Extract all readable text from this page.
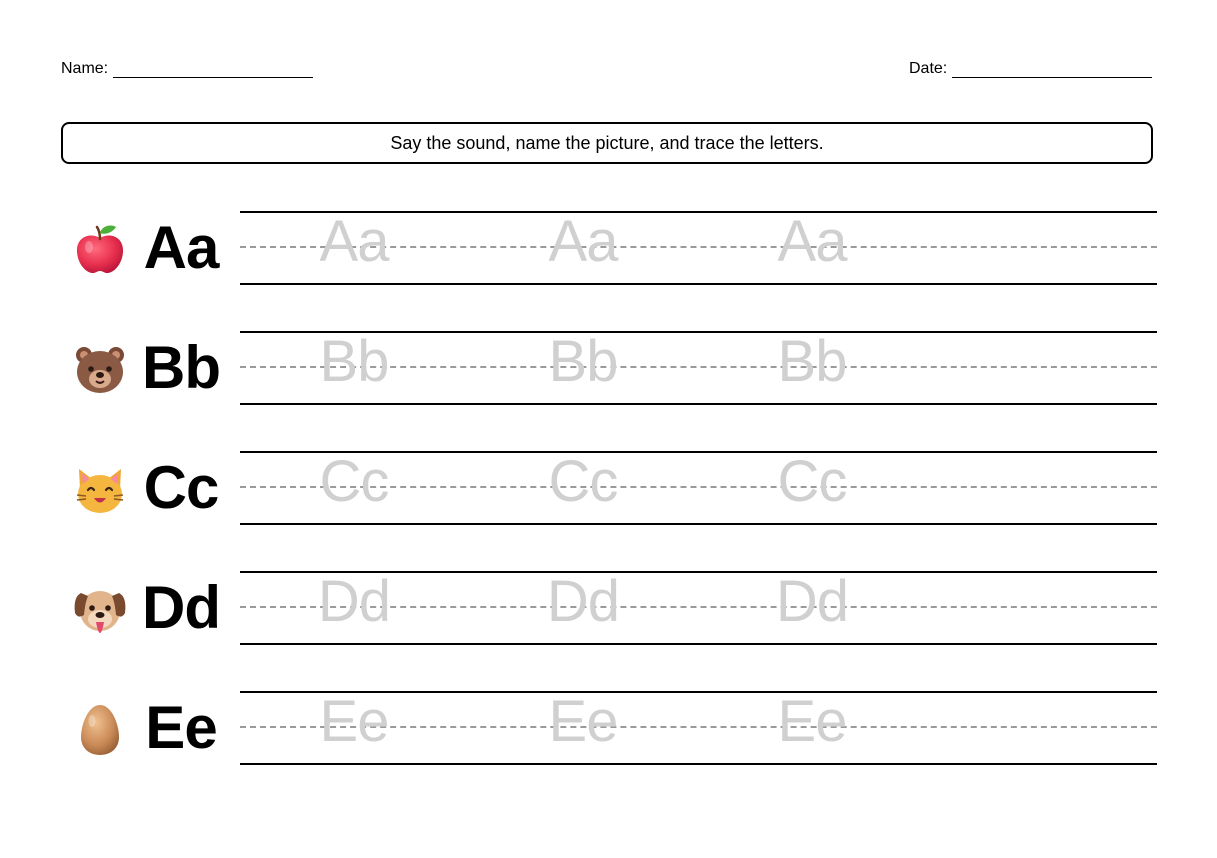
Name:	Date:
Say the sound, name the picture, and trace the letters.
Aa Aa	Aa	Aa
Bb Bb	Bb	Bb
Cc Cc	Cc	Cc
Dd Dd	Dd	Dd
Ee Ee	Ee	Ee
